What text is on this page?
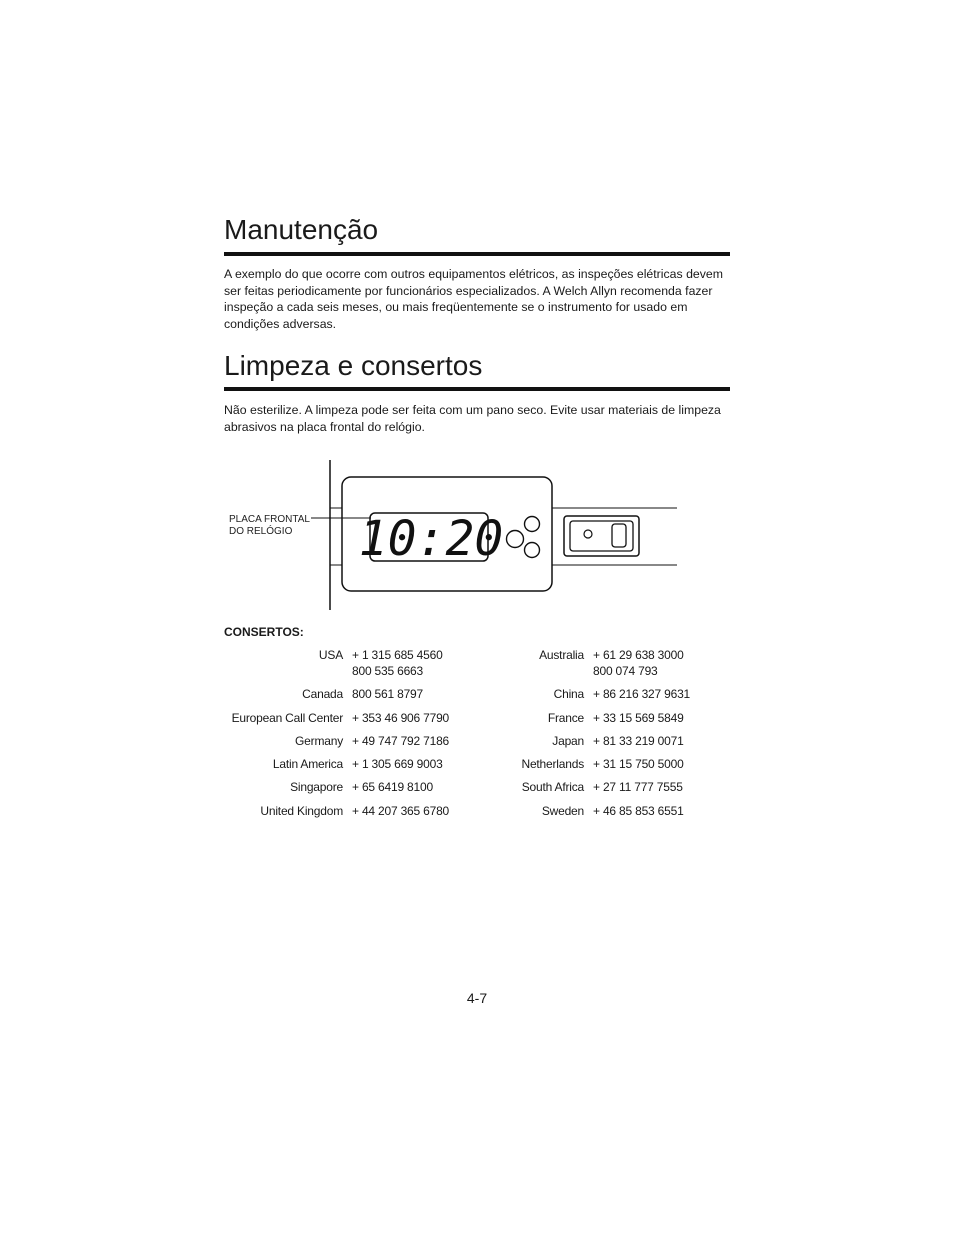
Manutenção

A exemplo do que ocorre com outros equipamentos elétricos, as inspeções elétricas devem ser feitas periodicamente por funcionários especializados. A Welch Allyn recomenda fazer inspeção a cada seis meses, ou mais freqüentemente se o instrumento for usado em condições adversas.

Limpeza e consertos

Não esterilize. A limpeza pode ser feita com um pano seco. Evite usar materiais de limpeza abrasivos na placa frontal do relógio.

10:20
PLACA FRONTAL
DO RELÓGIO
CONSERTOS:
USA + 1 315 685 4560
800 535 6663
Canada 800 561 8797
European Call Center + 353 46 906 7790
Germany + 49 747 792 7186
Latin America + 1 305 669 9003
Singapore + 65 6419 8100
United Kingdom + 44 207 365 6780
Australia + 61 29 638 3000
800 074 793
China + 86 216 327 9631
France + 33 15 569 5849
Japan + 81 33 219 0071
Netherlands + 31 15 750 5000
South Africa + 27 11 777 7555
Sweden + 46 85 853 6551
4-7
